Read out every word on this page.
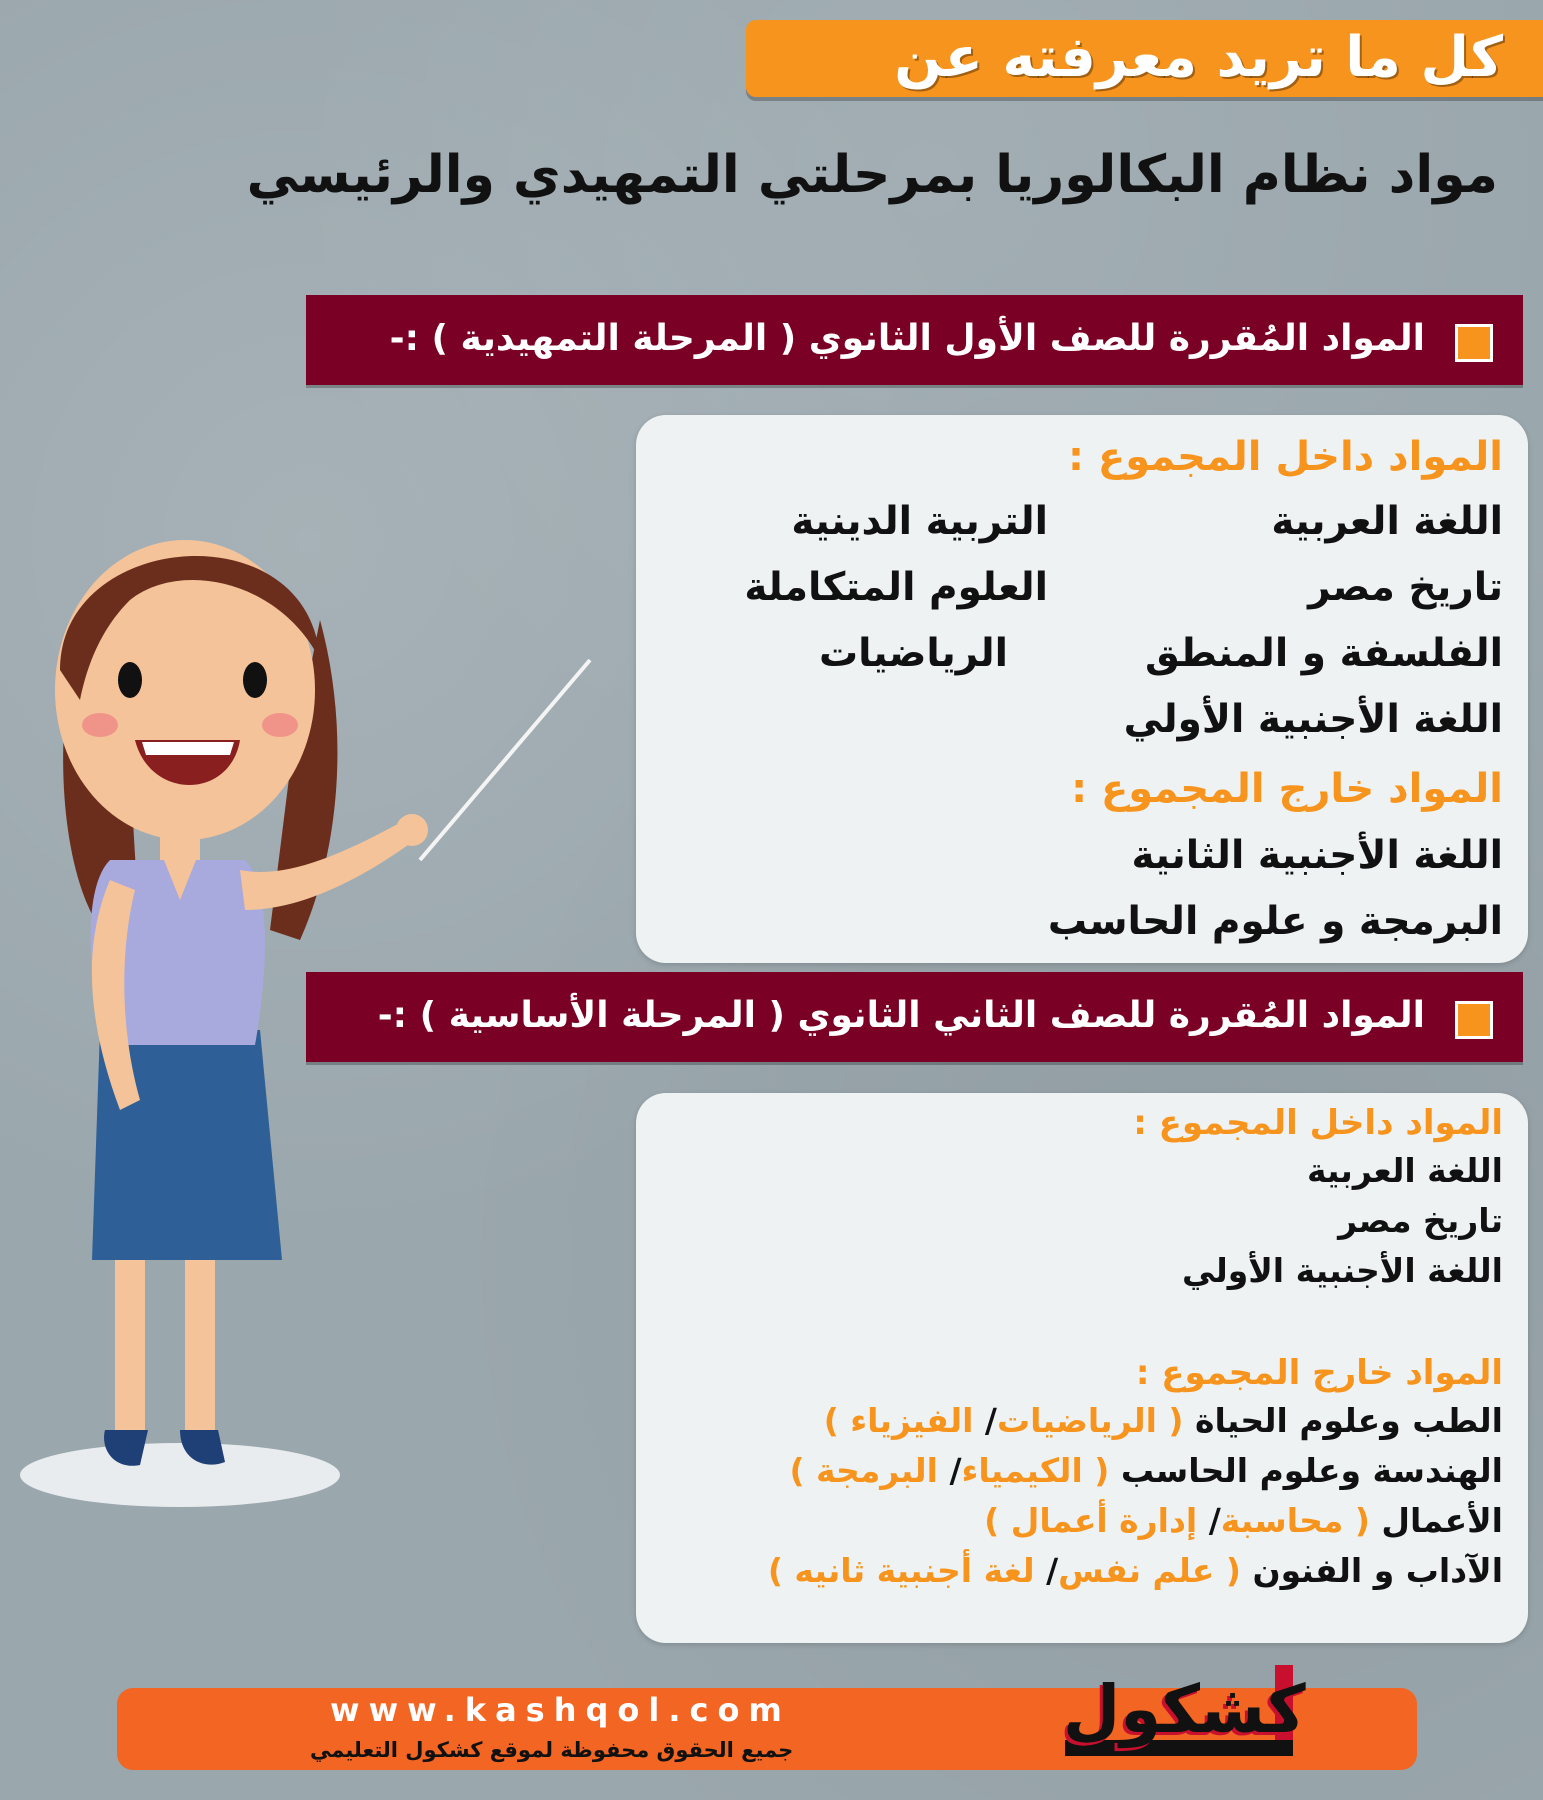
كل ما تريد معرفته عن
مواد نظام البكالوريا بمرحلتي التمهيدي والرئيسي
المواد المُقررة للصف الأول الثانوي ( المرحلة التمهيدية ) :-
المواد داخل المجموع :
اللغة العربية
التربية الدينية
تاريخ مصر
العلوم المتكاملة
الفلسفة و المنطق
الرياضيات
اللغة الأجنبية الأولي
المواد خارج المجموع :
اللغة الأجنبية الثانية
البرمجة و علوم الحاسب
المواد المُقررة للصف الثاني الثانوي ( المرحلة الأساسية ) :-
المواد داخل المجموع :
اللغة العربية
تاريخ مصر
اللغة الأجنبية الأولي
المواد خارج المجموع :
الطب وعلوم الحياة ( الرياضيات/ الفيزياء )
الهندسة وعلوم الحاسب ( الكيمياء/ البرمجة )
الأعمال ( محاسبة/ إدارة أعمال )
الآداب و الفنون ( علم نفس/ لغة أجنبية ثانيه )
www.kashqol.com
جميع الحقوق محفوظة لموقع كشكول التعليمي
كشكول
